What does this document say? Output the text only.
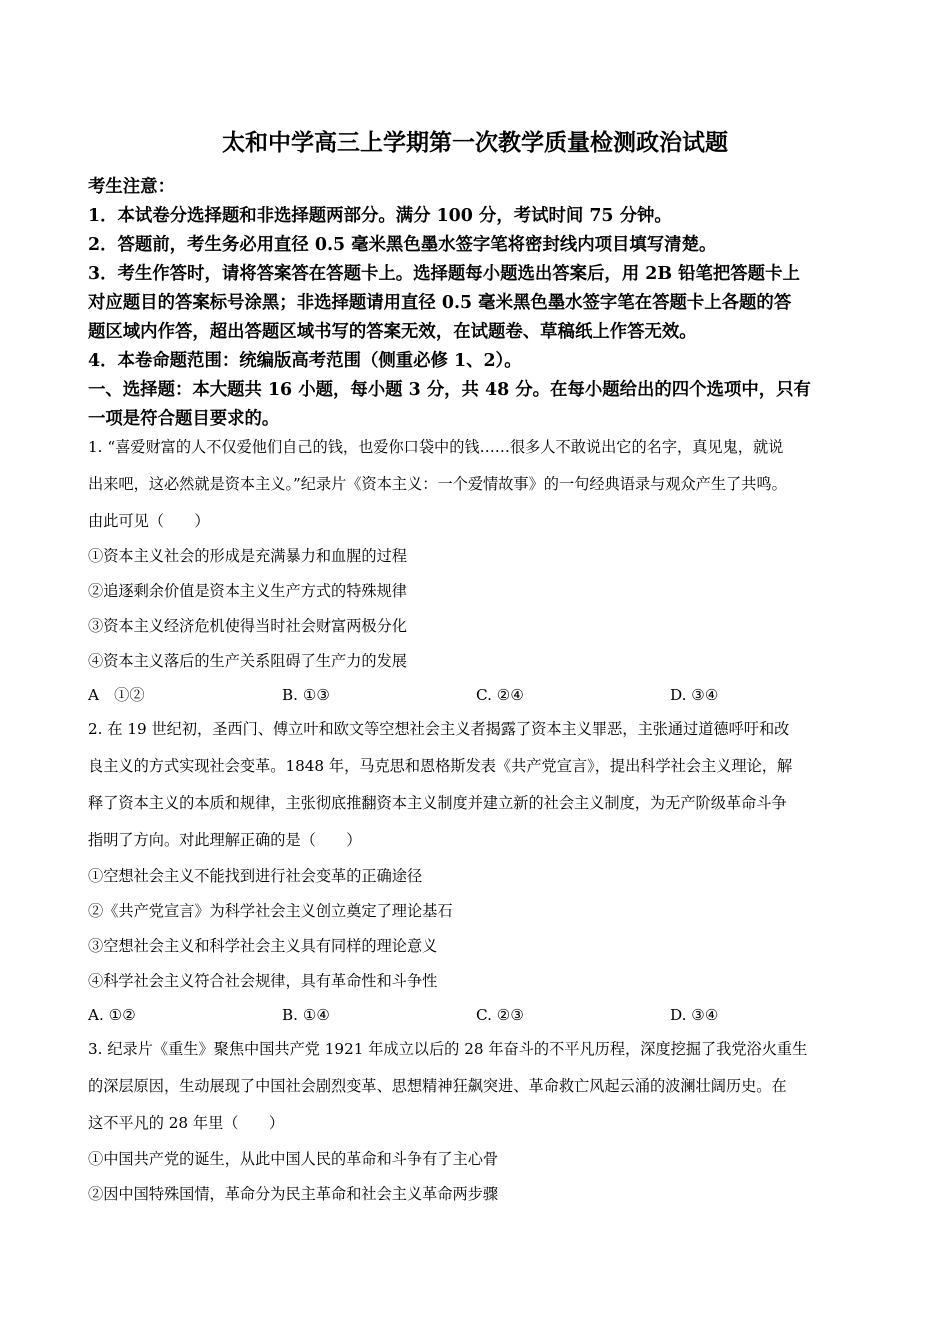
太和中学高三上学期第一次教学质量检测政治试题
考生注意：
1．本试卷分选择题和非选择题两部分。满分 100 分，考试时间 75 分钟。
2．答题前，考生务必用直径 0.5 毫米黑色墨水签字笔将密封线内项目填写清楚。
3．考生作答时，请将答案答在答题卡上。选择题每小题选出答案后，用 2B 铅笔把答题卡上
对应题目的答案标号涂黑；非选择题请用直径 0.5 毫米黑色墨水签字笔在答题卡上各题的答
题区域内作答，超出答题区域书写的答案无效，在试题卷、草稿纸上作答无效。
4．本卷命题范围：统编版高考范围（侧重必修 1、2）。
一、选择题：本大题共 16 小题，每小题 3 分，共 48 分。在每小题给出的四个选项中，只有
一项是符合题目要求的。
1. “喜爱财富的人不仅爱他们自己的钱，也爱你口袋中的钱……很多人不敢说出它的名字，真见鬼，就说
出来吧，这必然就是资本主义。”纪录片《资本主义：一个爱情故事》的一句经典语录与观众产生了共鸣。
由此可见（　　）
①资本主义社会的形成是充满暴力和血腥的过程
②追逐剩余价值是资本主义生产方式的特殊规律
③资本主义经济危机使得当时社会财富两极分化
④资本主义落后的生产关系阻碍了生产力的发展
A　①②	B. ①③	C. ②④	D. ③④
2. 在 19 世纪初，圣西门、傅立叶和欧文等空想社会主义者揭露了资本主义罪恶，主张通过道德呼吁和改
良主义的方式实现社会变革。1848 年，马克思和恩格斯发表《共产党宣言》，提出科学社会主义理论，解
释了资本主义的本质和规律，主张彻底推翻资本主义制度并建立新的社会主义制度，为无产阶级革命斗争
指明了方向。对此理解正确的是（　　）
①空想社会主义不能找到进行社会变革的正确途径
②《共产党宣言》为科学社会主义创立奠定了理论基石
③空想社会主义和科学社会主义具有同样的理论意义
④科学社会主义符合社会规律，具有革命性和斗争性
A. ①②	B. ①④	C. ②③	D. ③④
3. 纪录片《重生》聚焦中国共产党 1921 年成立以后的 28 年奋斗的不平凡历程，深度挖掘了我党浴火重生
的深层原因，生动展现了中国社会剧烈变革、思想精神狂飙突进、革命救亡风起云涌的波澜壮阔历史。在
这不平凡的 28 年里（　　）
①中国共产党的诞生，从此中国人民的革命和斗争有了主心骨
②因中国特殊国情，革命分为民主革命和社会主义革命两步骤
